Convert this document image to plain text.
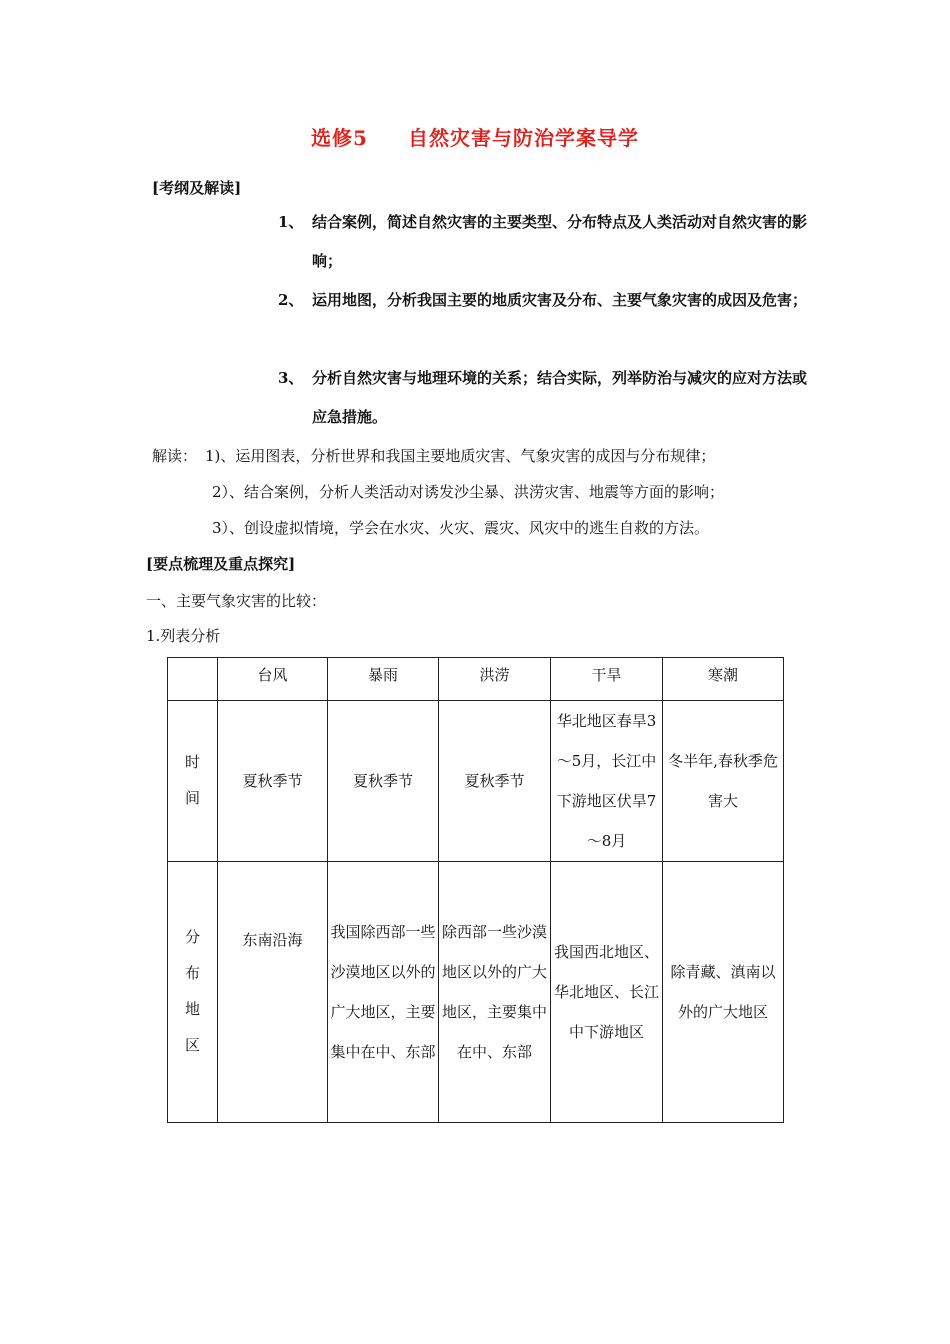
选修5 自然灾害与防治学案导学
[考纲及解读]
1、 结合案例，简述自然灾害的主要类型、分布特点及人类活动对自然灾害的影响；
2、 运用地图，分析我国主要的地质灾害及分布、主要气象灾害的成因及危害；
3、 分析自然灾害与地理环境的关系；结合实际，列举防治与减灾的应对方法或应急措施。
解读： 1)、运用图表，分析世界和我国主要地质灾害、气象灾害的成因与分布规律；
2）、结合案例，分析人类活动对诱发沙尘暴、洪涝灾害、地震等方面的影响；
3）、创设虚拟情境，学会在水灾、火灾、震灾、风灾中的逃生自救的方法。
[要点梳理及重点探究]
一、主要气象灾害的比较：
1.列表分析
	台风	暴雨	洪涝	干旱	寒潮
时间	夏秋季节	夏秋季节	夏秋季节	华北地区春旱3～5月，长江中下游地区伏旱7～8月	冬半年,春秋季危害大
分布地区	东南沿海	我国除西部一些沙漠地区以外的广大地区，主要集中在中、东部	除西部一些沙漠地区以外的广大地区，主要集中在中、东部	我国西北地区、华北地区、长江中下游地区	除青藏、滇南以外的广大地区
